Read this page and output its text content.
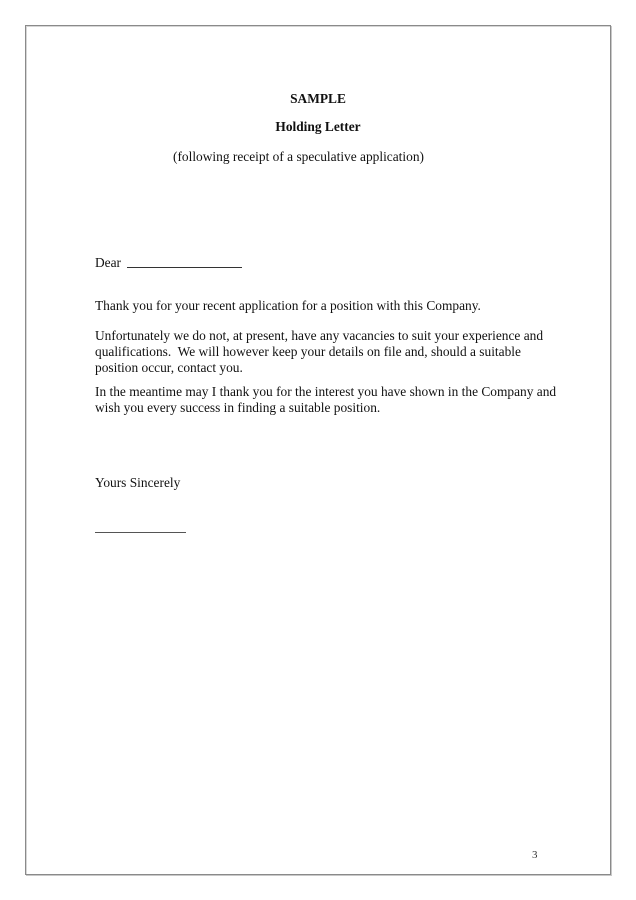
SAMPLE
Holding Letter
(following receipt of a speculative application)
Dear
Thank you for your recent application for a position with this Company.
Unfortunately we do not, at present, have any vacancies to suit your experience and
qualifications.  We will however keep your details on file and, should a suitable
position occur, contact you.
In the meantime may I thank you for the interest you have shown in the Company and
wish you every success in finding a suitable position.
Yours Sincerely
3
